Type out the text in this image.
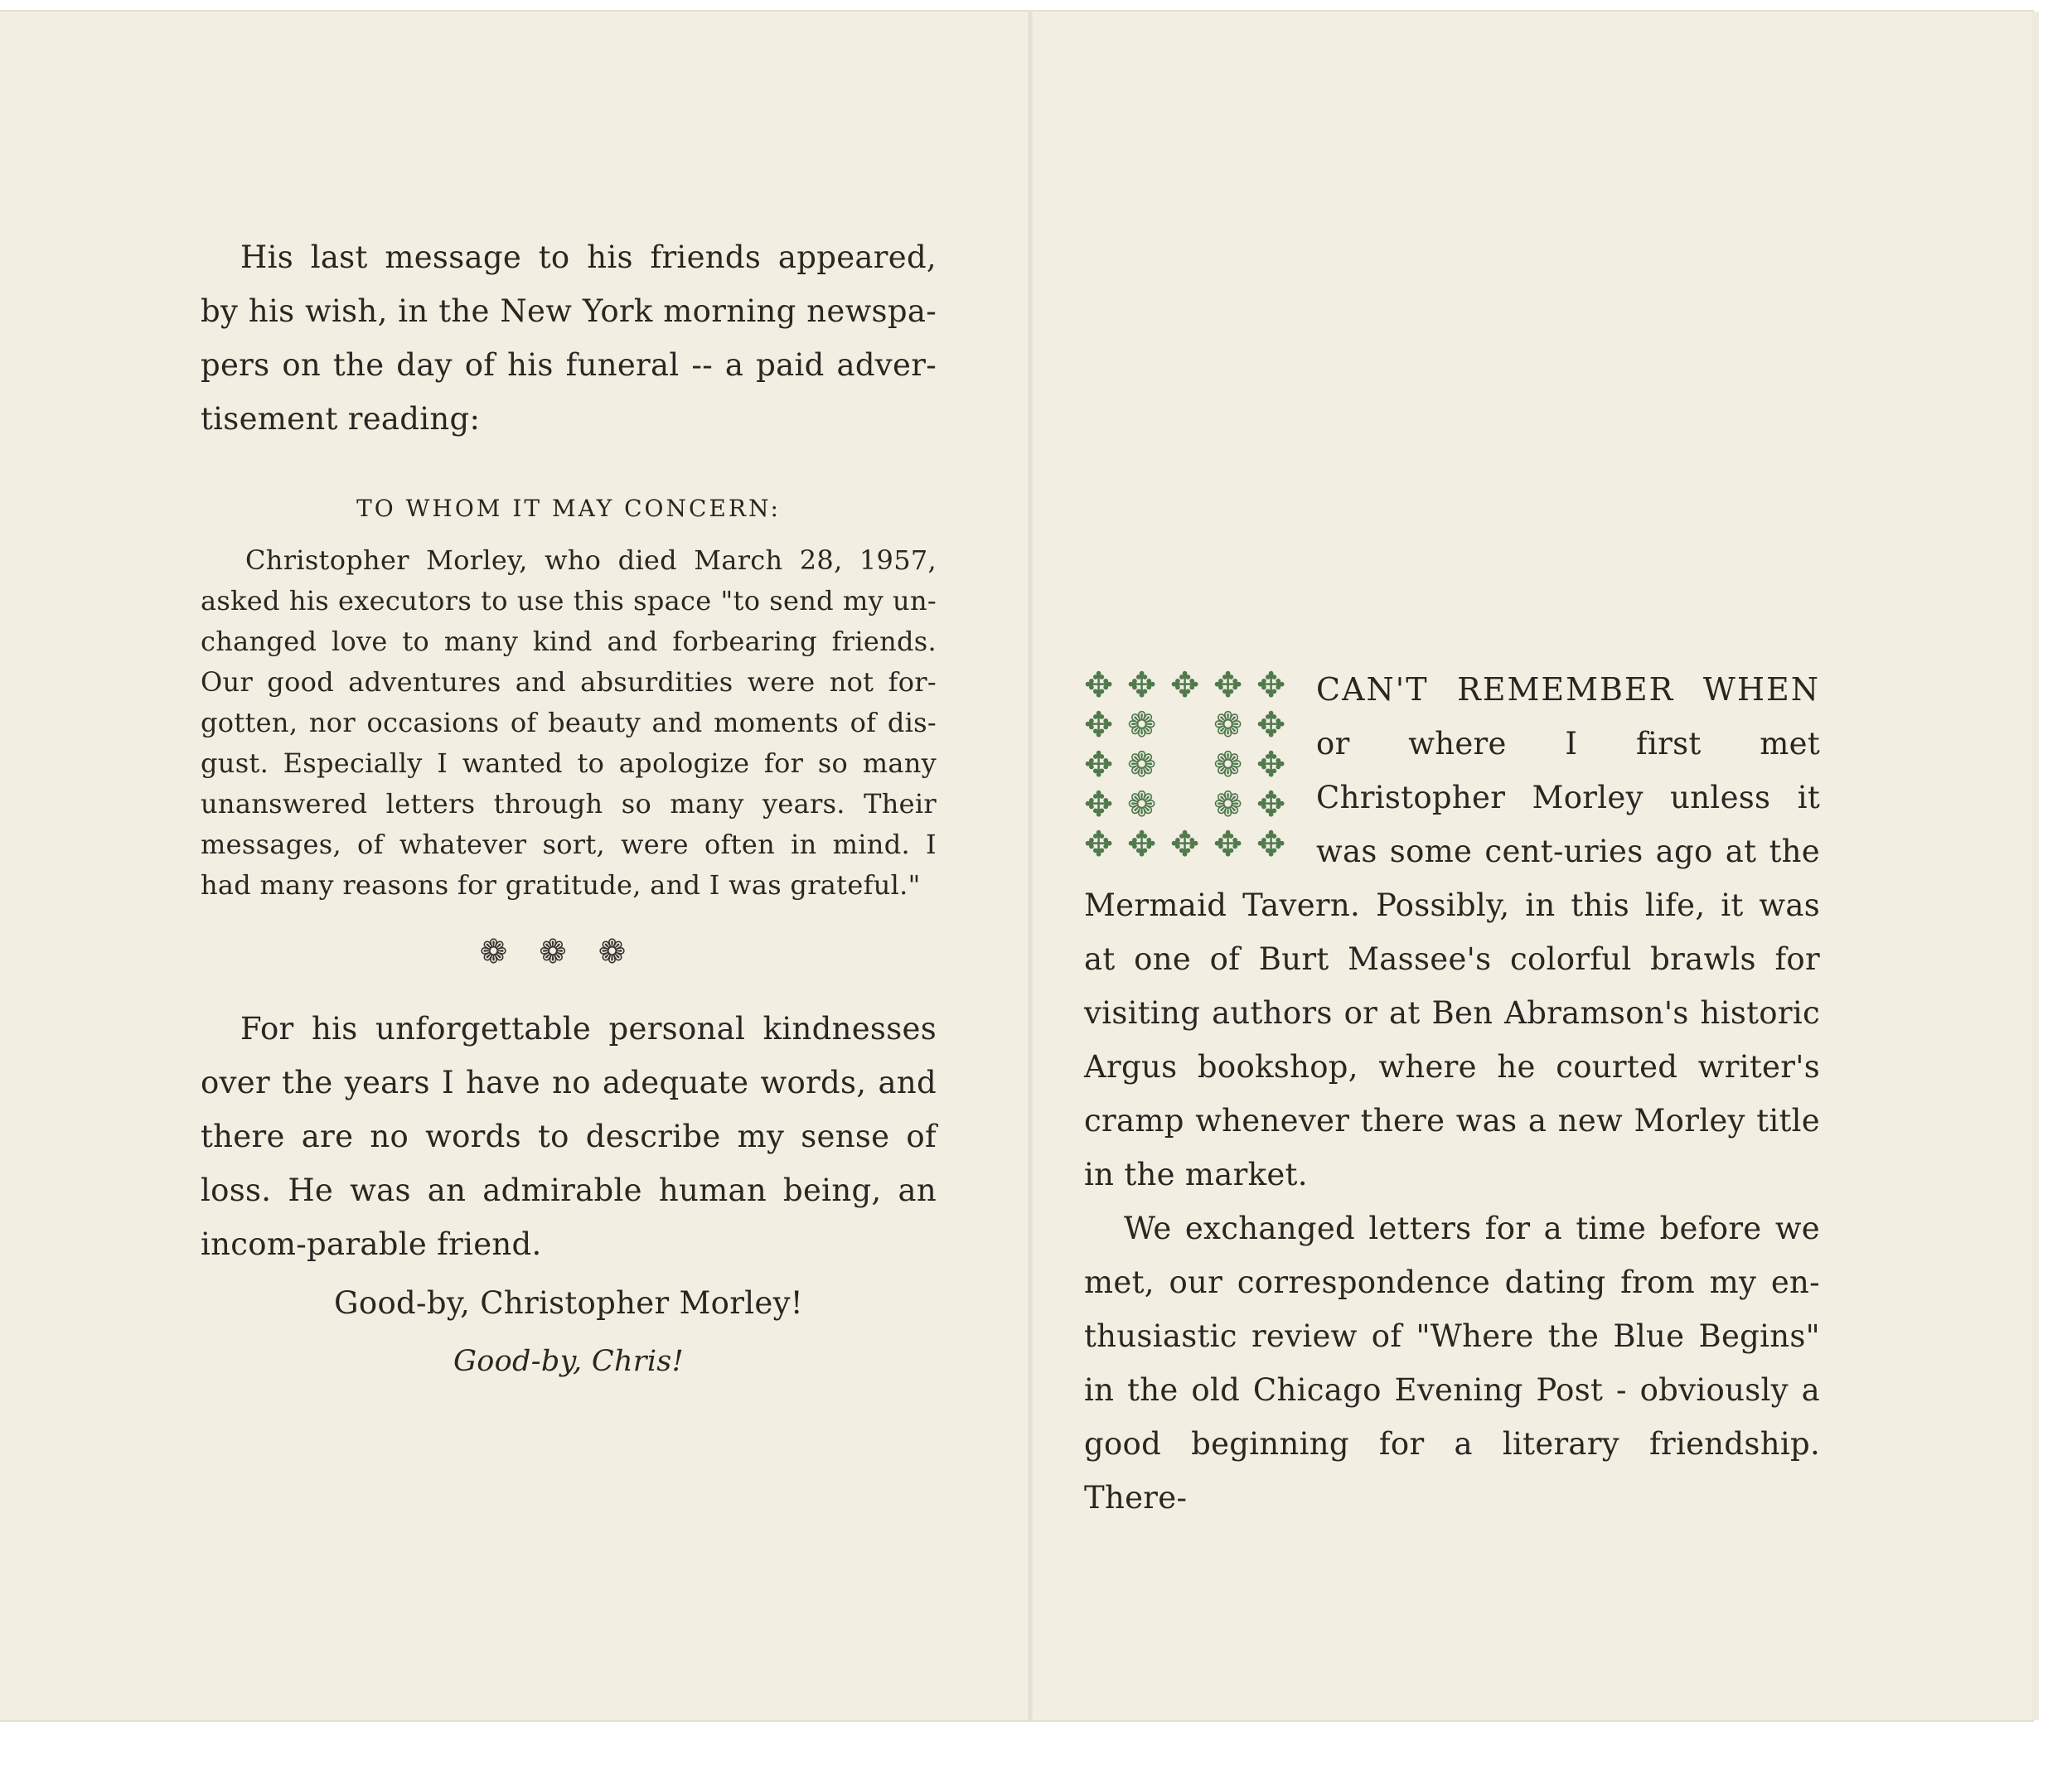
His last message to his friends appeared, by his wish, in the New York morning newspa-pers on the day of his funeral -- a paid adver-tisement reading:

TO WHOM IT MAY CONCERN:

Christopher Morley, who died March 28, 1957, asked his executors to use this space "to send my un-changed love to many kind and forbearing friends. Our good adventures and absurdities were not for-gotten, nor occasions of beauty and moments of dis-gust. Especially I wanted to apologize for so many unanswered letters through so many years. Their messages, of whatever sort, were often in mind. I had many reasons for gratitude, and I was grateful."

❁❁❁

For his unforgettable personal kindnesses over the years I have no adequate words, and there are no words to describe my sense of loss. He was an admirable human being, an incom-parable friend.

Good-by, Christopher Morley!

Good-by, Chris!

✥ ✥ ✥ ✥ ✥
✥
✥
✥
❁
❁
❁
❁
❁
❁
✥
✥
✥
✥ ✥ ✥ ✥ ✥
CAN'T REMEMBER WHEN or where I first met Christopher Morley unless it was some cent-uries ago at the Mermaid Tavern. Possibly, in this life, it was at one of Burt Massee's colorful brawls for visiting authors or at Ben Abramson's historic Argus bookshop, where he courted writer's cramp whenever there was a new Morley title in the market.

We exchanged letters for a time before we met, our correspondence dating from my en-thusiastic review of "Where the Blue Begins" in the old Chicago Evening Post - obviously a good beginning for a literary friendship. There-
